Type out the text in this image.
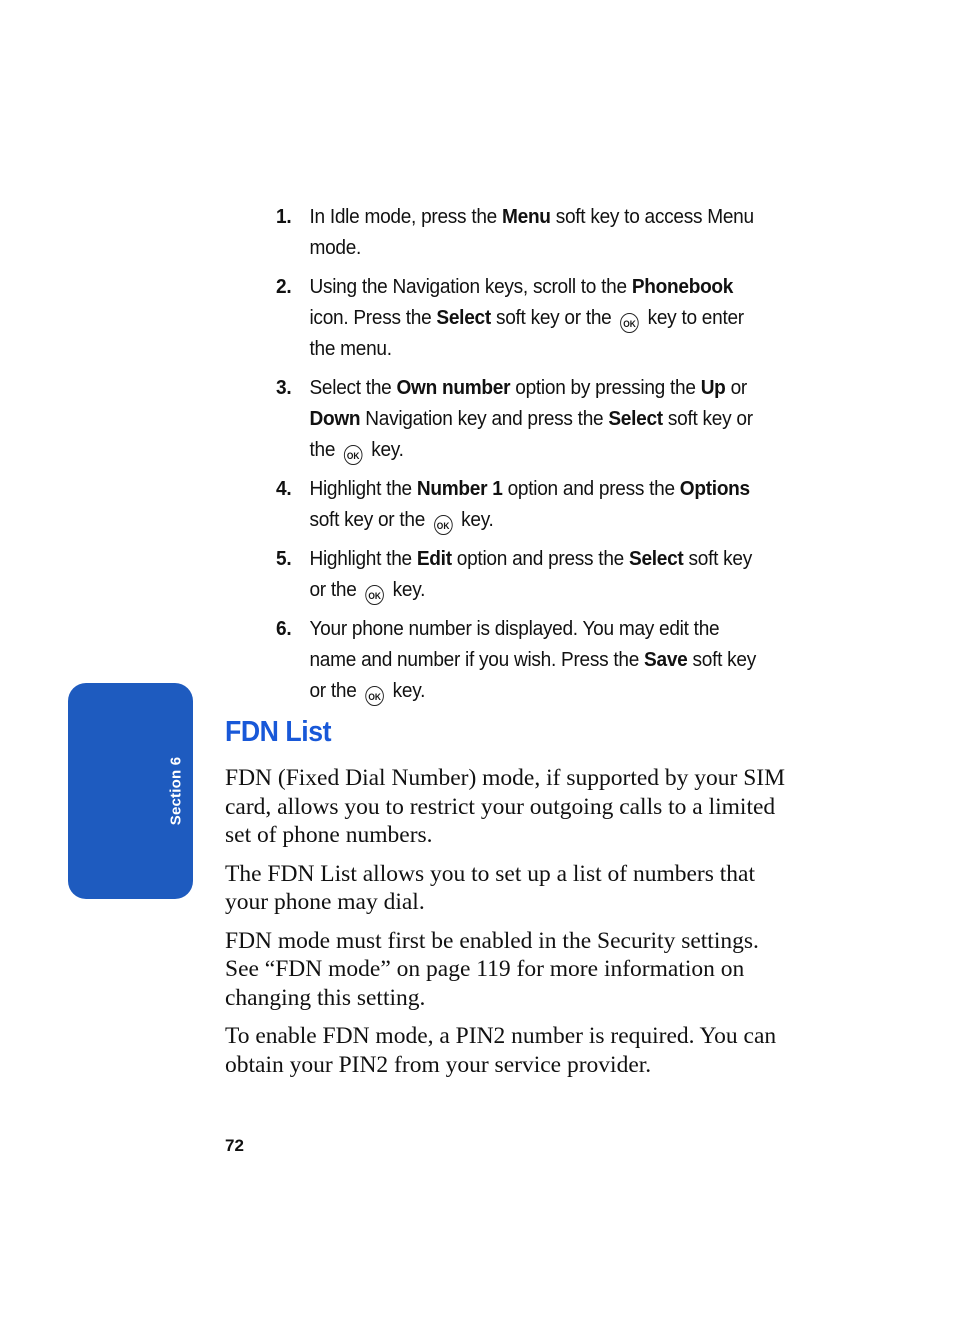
1. In Idle mode, press the Menu soft key to access Menu mode.
2. Using the Navigation keys, scroll to the Phonebook icon. Press the Select soft key or the OK key to enter the menu.
3. Select the Own number option by pressing the Up or Down Navigation key and press the Select soft key or the OK key.
4. Highlight the Number 1 option and press the Options soft key or the OK key.
5. Highlight the Edit option and press the Select soft key or the OK key.
6. Your phone number is displayed. You may edit the name and number if you wish. Press the Save soft key or the OK key.
Section 6
FDN List

FDN (Fixed Dial Number) mode, if supported by your SIM card, allows you to restrict your outgoing calls to a limited set of phone numbers.

The FDN List allows you to set up a list of numbers that your phone may dial.

FDN mode must first be enabled in the Security settings. See “FDN mode” on page 119 for more information on changing this setting.

To enable FDN mode, a PIN2 number is required. You can obtain your PIN2 from your service provider.

72
